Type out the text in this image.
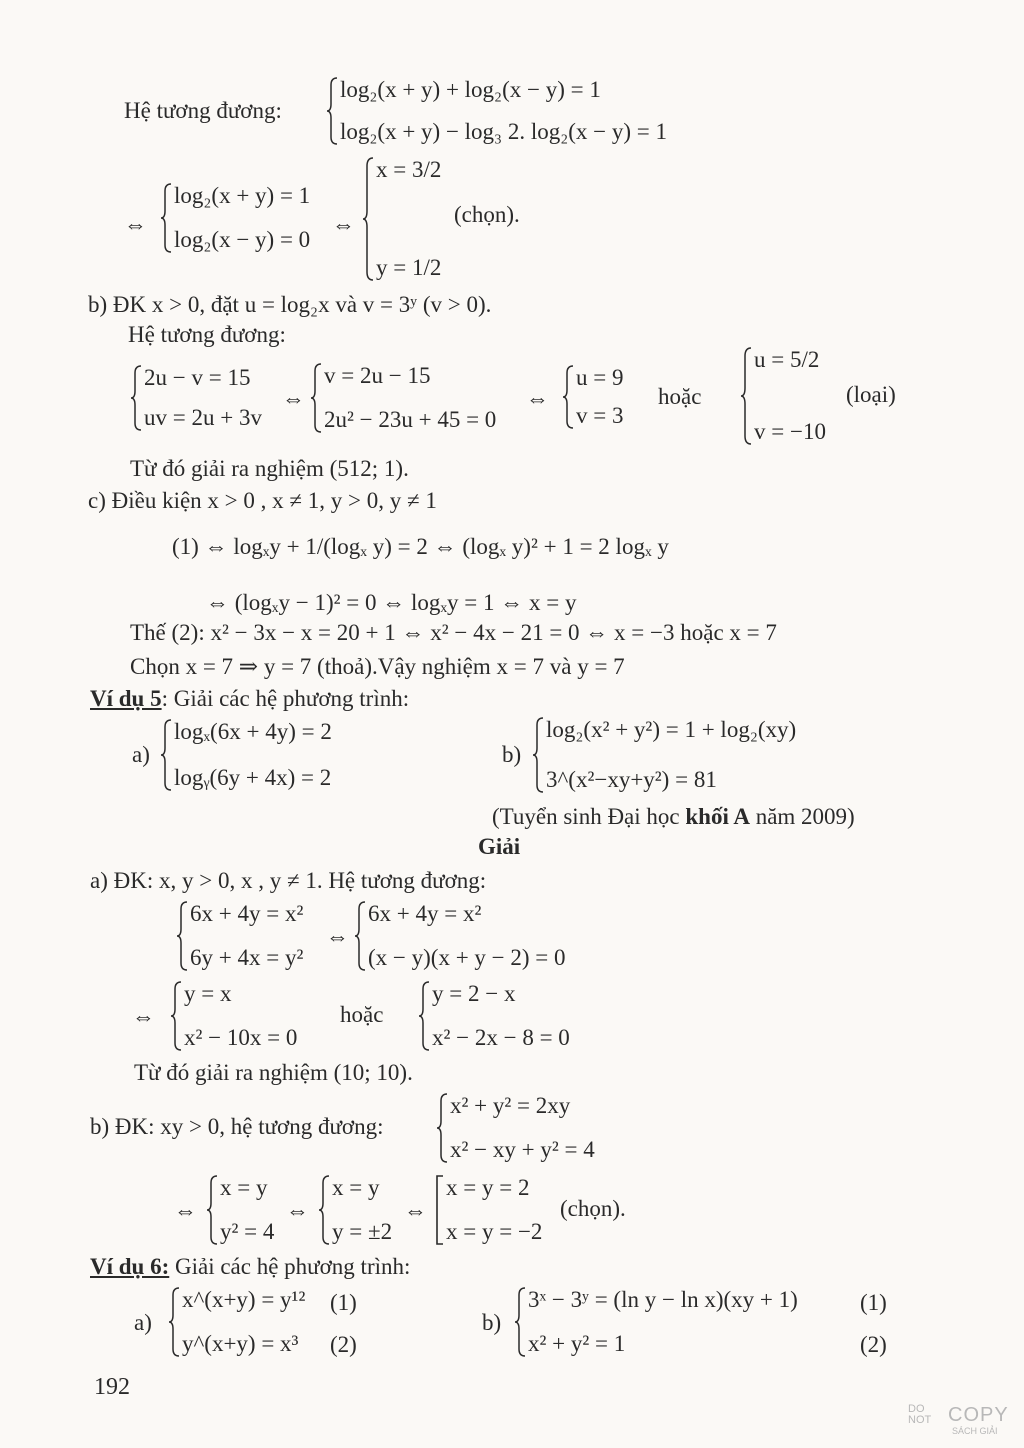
Hệ tương đương:
log₂(x + y) + log₂(x − y) = 1
log₂(x + y) − log₃ 2. log₂(x − y) = 1
⇔
log₂(x + y) = 1
log₂(x − y) = 0
⇔
x = 3/2
y = 1/2
(chọn).
b) ĐK x > 0, đặt u = log₂x và v = 3ʸ (v > 0).
Hệ tương đương:
2u − v = 15
uv = 2u + 3v
⇔
v = 2u − 15
2u² − 23u + 45 = 0
⇔
u = 9
v = 3
hoặc
u = 5/2
v = −10
(loại)
Từ đó giải ra nghiệm (512; 1).
c) Điều kiện x > 0 , x ≠ 1, y > 0, y ≠ 1
(1) ⇔ logₓy + 1/(logₓ y) = 2 ⇔ (logₓ y)² + 1 = 2 logₓ y
⇔ (logₓy − 1)² = 0 ⇔ logₓy = 1 ⇔ x = y
Thế (2): x² − 3x − x = 20 + 1 ⇔ x² − 4x − 21 = 0 ⇔ x = −3 hoặc x = 7
Chọn x = 7 ⇒ y = 7 (thoả).Vậy nghiệm x = 7 và y = 7
Ví dụ 5: Giải các hệ phương trình:
a)
logₓ(6x + 4y) = 2
logᵧ(6y + 4x) = 2
b)
log₂(x² + y²) = 1 + log₂(xy)
3^(x²−xy+y²) = 81
(Tuyển sinh Đại học khối A năm 2009)
Giải
a) ĐK: x, y > 0, x , y ≠ 1. Hệ tương đương:
6x + 4y = x²
6y + 4x = y²
⇔
6x + 4y = x²
(x − y)(x + y − 2) = 0
⇔
y = x
x² − 10x = 0
hoặc
y = 2 − x
x² − 2x − 8 = 0
Từ đó giải ra nghiệm (10; 10).
b) ĐK: xy > 0, hệ tương đương:
x² + y² = 2xy
x² − xy + y² = 4
⇔
x = y
y² = 4
⇔
x = y
y = ±2
⇔
x = y = 2
x = y = −2
(chọn).
Ví dụ 6: Giải các hệ phương trình:
a)
x^(x+y) = y¹²
y^(x+y) = x³
(1)
(2)
b)
3ˣ − 3ʸ = (ln y − ln x)(xy + 1)
x² + y² = 1
(1)
(2)
192
DO
NOT COPY
SÁCH GIẢI
